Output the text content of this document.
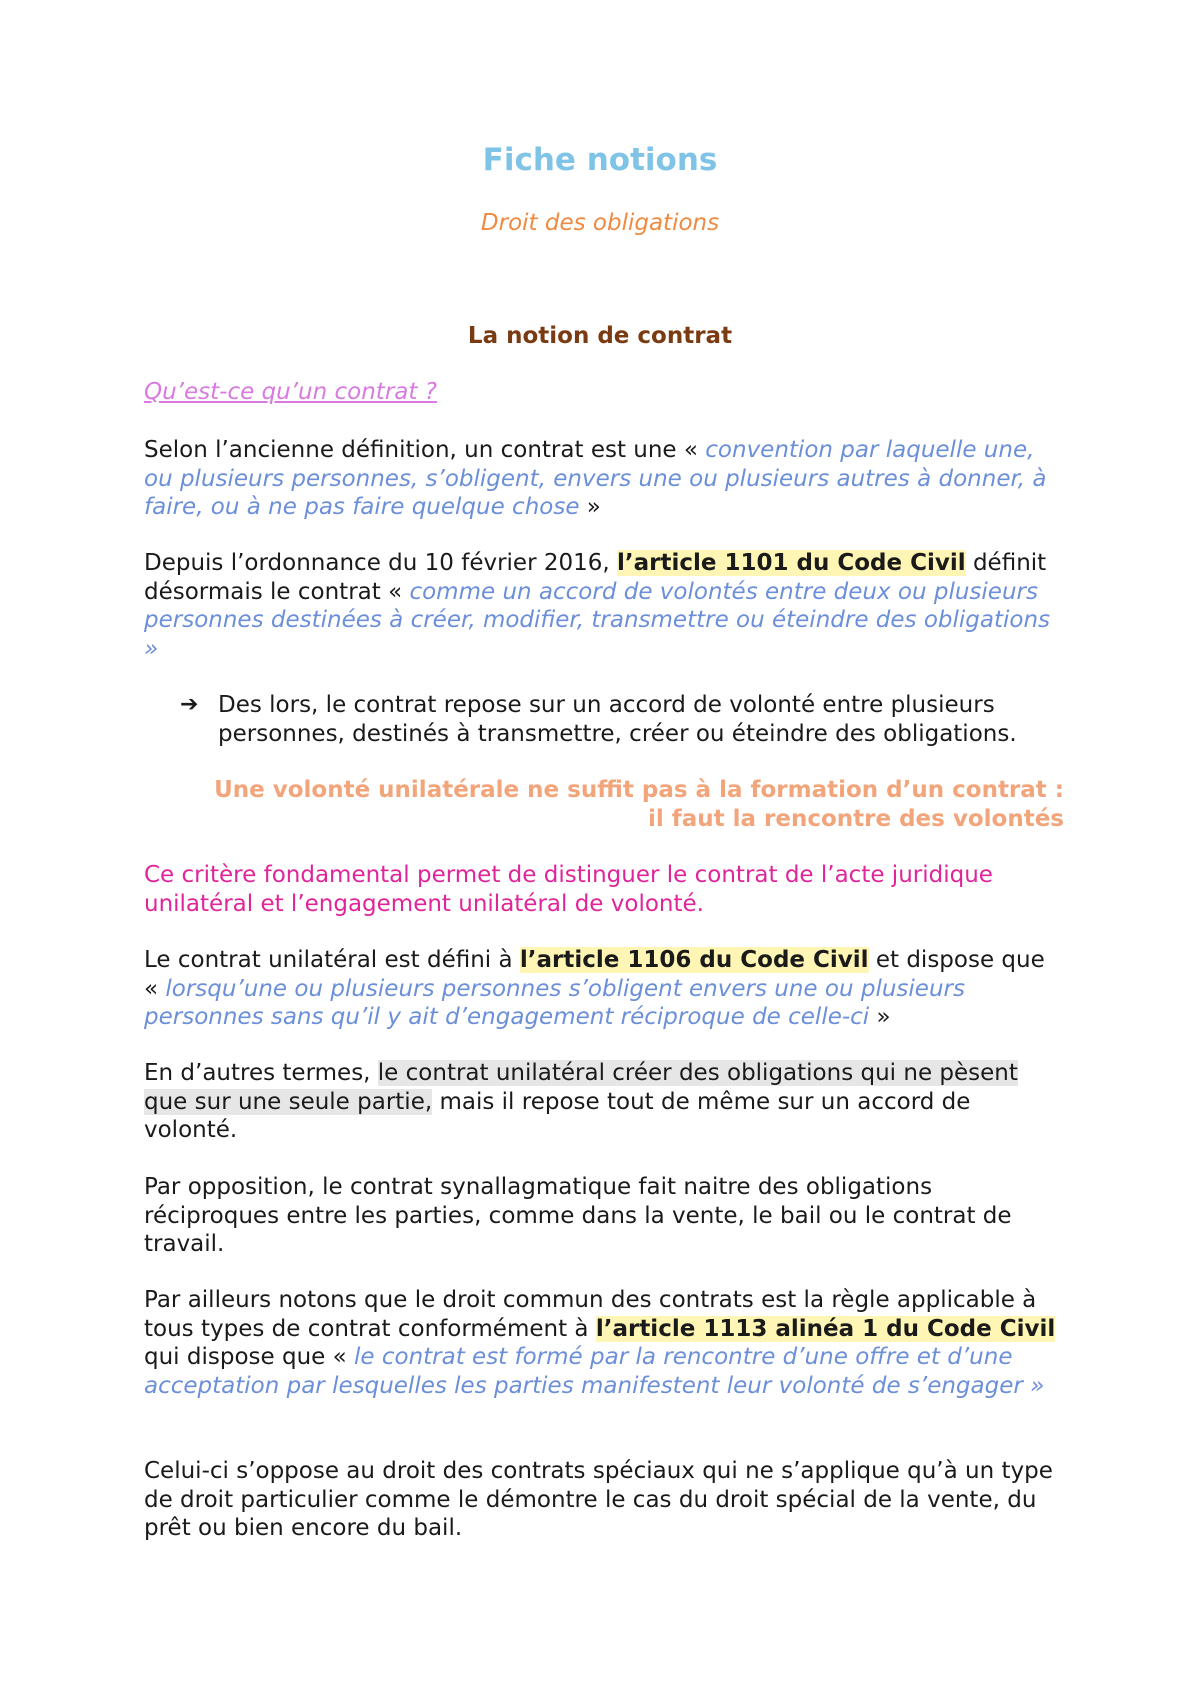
Fiche notions
Droit des obligations
La notion de contrat
Qu’est-ce qu’un contrat ?
Selon l’ancienne définition, un contrat est une « convention par laquelle une, ou plusieurs personnes, s’obligent, envers une ou plusieurs autres à donner, à faire, ou à ne pas faire quelque chose »
Depuis l’ordonnance du 10 février 2016, l’article 1101 du Code Civil définit désormais le contrat « comme un accord de volontés entre deux ou plusieurs personnes destinées à créer, modifier, transmettre ou éteindre des obligations »
➔ Des lors, le contrat repose sur un accord de volonté entre plusieurs personnes, destinés à transmettre, créer ou éteindre des obligations.
Une volonté unilatérale ne suffit pas à la formation d’un contrat :
il faut la rencontre des volontés
Ce critère fondamental permet de distinguer le contrat de l’acte juridique unilatéral et l’engagement unilatéral de volonté.
Le contrat unilatéral est défini à l’article 1106 du Code Civil et dispose que « lorsqu’une ou plusieurs personnes s’obligent envers une ou plusieurs personnes sans qu’il y ait d’engagement réciproque de celle-ci »
En d’autres termes, le contrat unilatéral créer des obligations qui ne pèsent que sur une seule partie, mais il repose tout de même sur un accord de volonté.
Par opposition, le contrat synallagmatique fait naitre des obligations réciproques entre les parties, comme dans la vente, le bail ou le contrat de travail.
Par ailleurs notons que le droit commun des contrats est la règle applicable à tous types de contrat conformément à l’article 1113 alinéa 1 du Code Civil qui dispose que « le contrat est formé par la rencontre d’une offre et d’une acceptation par lesquelles les parties manifestent leur volonté de s’engager »
Celui-ci s’oppose au droit des contrats spéciaux qui ne s’applique qu’à un type de droit particulier comme le démontre le cas du droit spécial de la vente, du prêt ou bien encore du bail.
